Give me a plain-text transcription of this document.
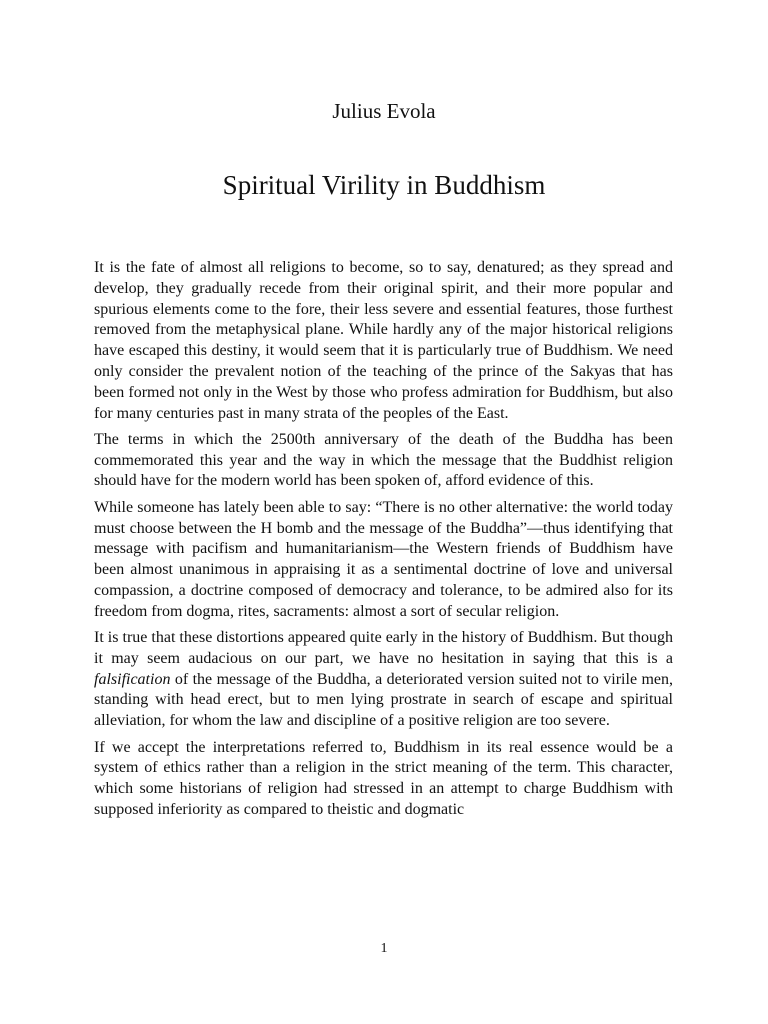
Julius Evola
Spiritual Virility in Buddhism

It is the fate of almost all religions to become, so to say, denatured; as they spread and develop, they gradually recede from their original spirit, and their more popular and spurious elements come to the fore, their less severe and essential features, those furthest removed from the metaphysical plane. While hardly any of the major historical religions have escaped this destiny, it would seem that it is particularly true of Buddhism. We need only consider the prevalent notion of the teaching of the prince of the Sakyas that has been formed not only in the West by those who profess admiration for Buddhism, but also for many centuries past in many strata of the peoples of the East.

The terms in which the 2500th anniversary of the death of the Buddha has been commemorated this year and the way in which the message that the Buddhist religion should have for the modern world has been spoken of, afford evidence of this.

While someone has lately been able to say: “There is no other alternative: the world today must choose between the H bomb and the message of the Buddha”—thus identifying that message with pacifism and humanitarianism—the Western friends of Buddhism have been almost unanimous in appraising it as a sentimental doctrine of love and universal compassion, a doctrine composed of democracy and tolerance, to be admired also for its freedom from dogma, rites, sacraments: almost a sort of secular religion.

It is true that these distortions appeared quite early in the history of Buddhism. But though it may seem audacious on our part, we have no hesitation in saying that this is a falsification of the message of the Buddha, a deteriorated version suited not to virile men, standing with head erect, but to men lying prostrate in search of escape and spiritual alleviation, for whom the law and discipline of a positive religion are too severe.

If we accept the interpretations referred to, Buddhism in its real essence would be a system of ethics rather than a religion in the strict meaning of the term. This character, which some historians of religion had stressed in an attempt to charge Buddhism with supposed inferiority as compared to theistic and dogmatic

1
